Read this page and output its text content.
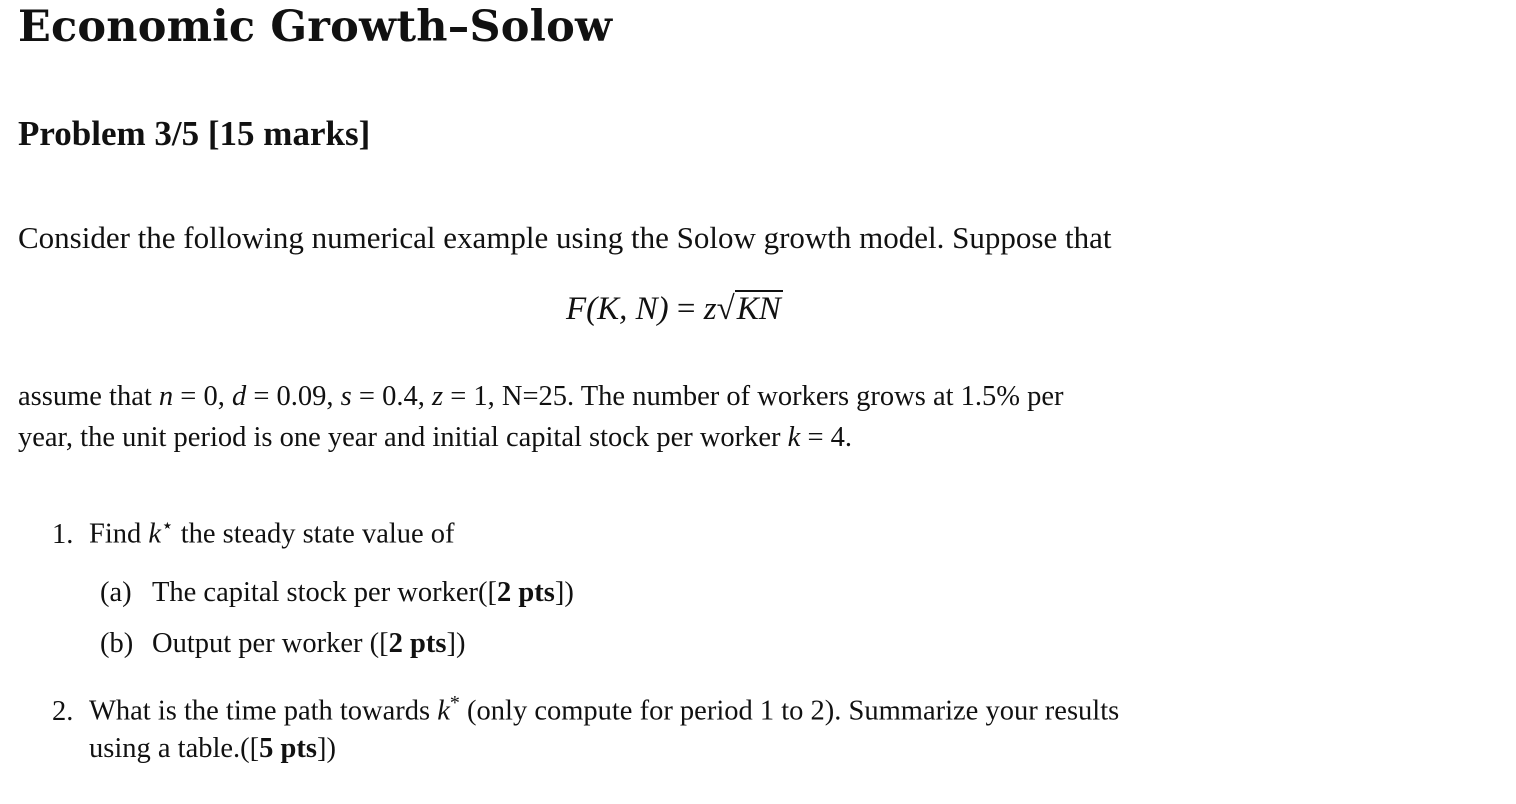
Economic Growth–Solow
Problem 3/5 [15 marks]
Consider the following numerical example using the Solow growth model. Suppose that
F(K, N) = z√KN
assume that n = 0, d = 0.09, s = 0.4, z = 1, N=25. The number of workers grows at 1.5% per
year, the unit period is one year and initial capital stock per worker k = 4.
1. Find k⋆ the steady state value of
(a) The capital stock per worker([2 pts])
(b) Output per worker ([2 pts])
2. What is the time path towards k* (only compute for period 1 to 2). Summarize your results
using a table.([5 pts])
